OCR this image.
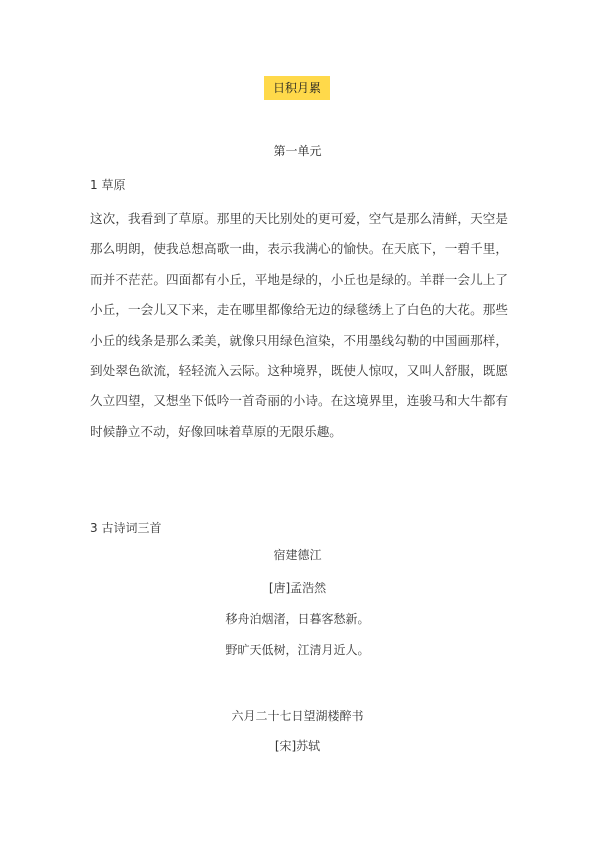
日积月累
第一单元
1 草原

这次，我看到了草原。那里的天比别处的更可爱，空气是那么清鲜，天空是那么明朗，使我总想高歌一曲，表示我满心的愉快。在天底下，一碧千里，而并不茫茫。四面都有小丘，平地是绿的，小丘也是绿的。羊群一会儿上了小丘，一会儿又下来，走在哪里都像给无边的绿毯绣上了白色的大花。那些小丘的线条是那么柔美，就像只用绿色渲染，不用墨线勾勒的中国画那样，到处翠色欲流，轻轻流入云际。这种境界，既使人惊叹，又叫人舒服，既愿久立四望，又想坐下低吟一首奇丽的小诗。在这境界里，连骏马和大牛都有时候静立不动，好像回味着草原的无限乐趣。

3 古诗词三首
宿建德江
[唐]孟浩然
移舟泊烟渚，日暮客愁新。
野旷天低树，江清月近人。
六月二十七日望湖楼醉书
[宋]苏轼
